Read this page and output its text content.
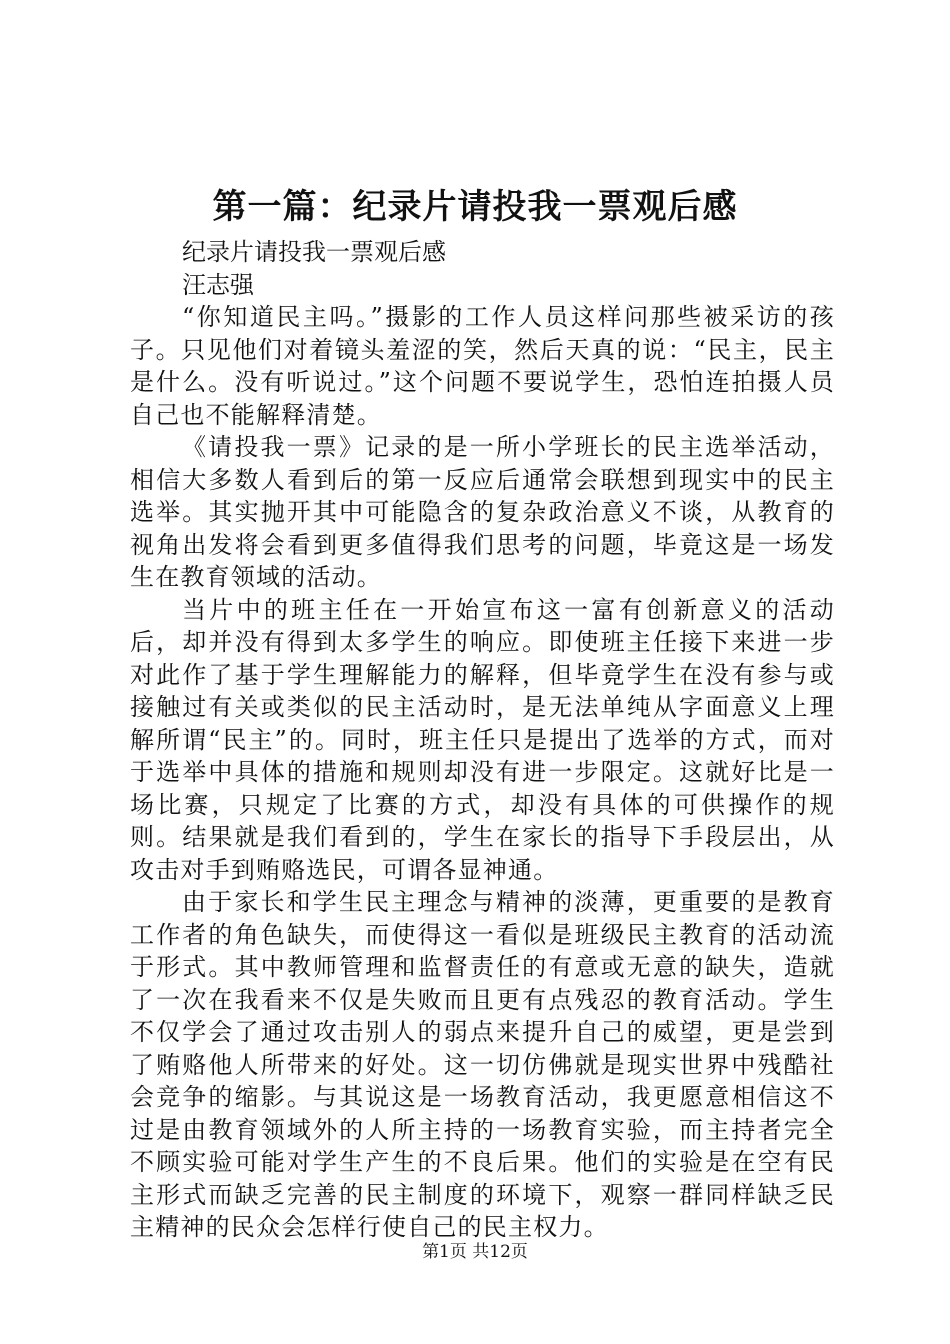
第一篇：纪录片请投我一票观后感
纪录片请投我一票观后感
汪志强

“你知道民主吗。”摄影的工作人员这样问那些被采访的孩子。只见他们对着镜头羞涩的笑，然后天真的说：“民主，民主是什么。没有听说过。”这个问题不要说学生，恐怕连拍摄人员自己也不能解释清楚。

《请投我一票》记录的是一所小学班长的民主选举活动，相信大多数人看到后的第一反应后通常会联想到现实中的民主选举。其实抛开其中可能隐含的复杂政治意义不谈，从教育的视角出发将会看到更多值得我们思考的问题，毕竟这是一场发生在教育领域的活动。

当片中的班主任在一开始宣布这一富有创新意义的活动后，却并没有得到太多学生的响应。即使班主任接下来进一步对此作了基于学生理解能力的解释，但毕竟学生在没有参与或接触过有关或类似的民主活动时，是无法单纯从字面意义上理解所谓“民主”的。同时，班主任只是提出了选举的方式，而对于选举中具体的措施和规则却没有进一步限定。这就好比是一场比赛，只规定了比赛的方式，却没有具体的可供操作的规则。结果就是我们看到的，学生在家长的指导下手段层出，从攻击对手到贿赂选民，可谓各显神通。

由于家长和学生民主理念与精神的淡薄，更重要的是教育工作者的角色缺失，而使得这一看似是班级民主教育的活动流于形式。其中教师管理和监督责任的有意或无意的缺失，造就了一次在我看来不仅是失败而且更有点残忍的教育活动。学生不仅学会了通过攻击别人的弱点来提升自己的威望，更是尝到了贿赂他人所带来的好处。这一切仿佛就是现实世界中残酷社会竞争的缩影。与其说这是一场教育活动，我更愿意相信这不过是由教育领域外的人所主持的一场教育实验，而主持者完全不顾实验可能对学生产生的不良后果。他们的实验是在空有民主形式而缺乏完善的民主制度的环境下，观察一群同样缺乏民主精神的民众会怎样行使自己的民主权力。

第1页 共12页
